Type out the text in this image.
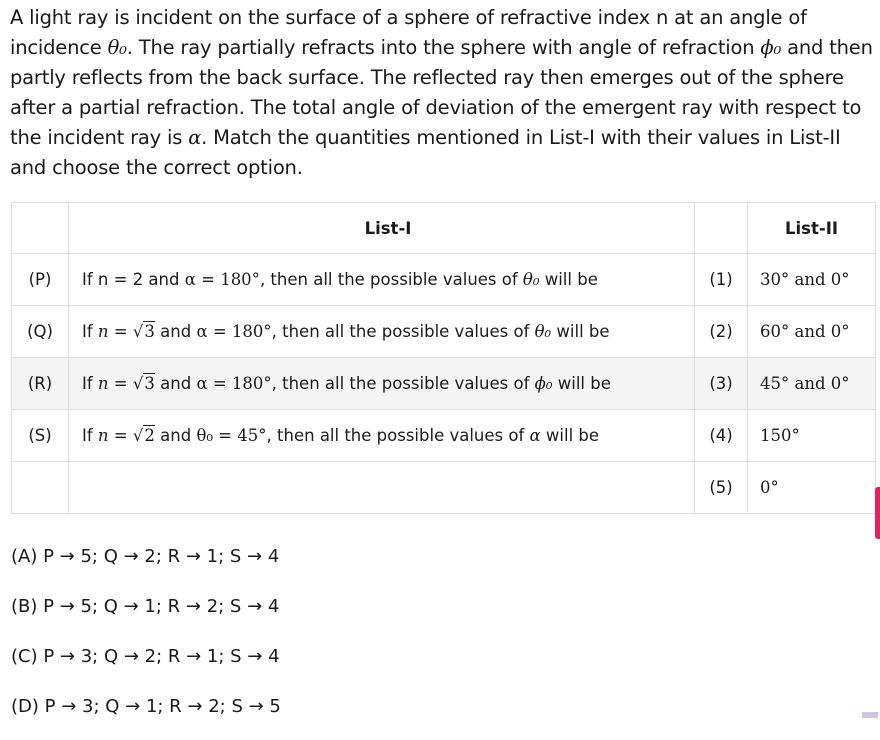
A light ray is incident on the surface of a sphere of refractive index n at an angle of incidence θ₀. The ray partially refracts into the sphere with angle of refraction ϕ₀ and then partly reflects from the back surface. The reflected ray then emerges out of the sphere after a partial refraction. The total angle of deviation of the emergent ray with respect to the incident ray is α. Match the quantities mentioned in List-I with their values in List-II and choose the correct option.
	List-I		List-II
(P)	If n = 2 and α = 180°, then all the possible values of θ₀ will be	(1)	30° and 0°
(Q)	If n = √3 and α = 180°, then all the possible values of θ₀ will be	(2)	60° and 0°
(R)	If n = √3 and α = 180°, then all the possible values of ϕ₀ will be	(3)	45° and 0°
(S)	If n = √2 and θ₀ = 45°, then all the possible values of α will be	(4)	150°
		(5)	0°
(A) P → 5; Q → 2; R → 1; S → 4
(B) P → 5; Q → 1; R → 2; S → 4
(C) P → 3; Q → 2; R → 1; S → 4
(D) P → 3; Q → 1; R → 2; S → 5
